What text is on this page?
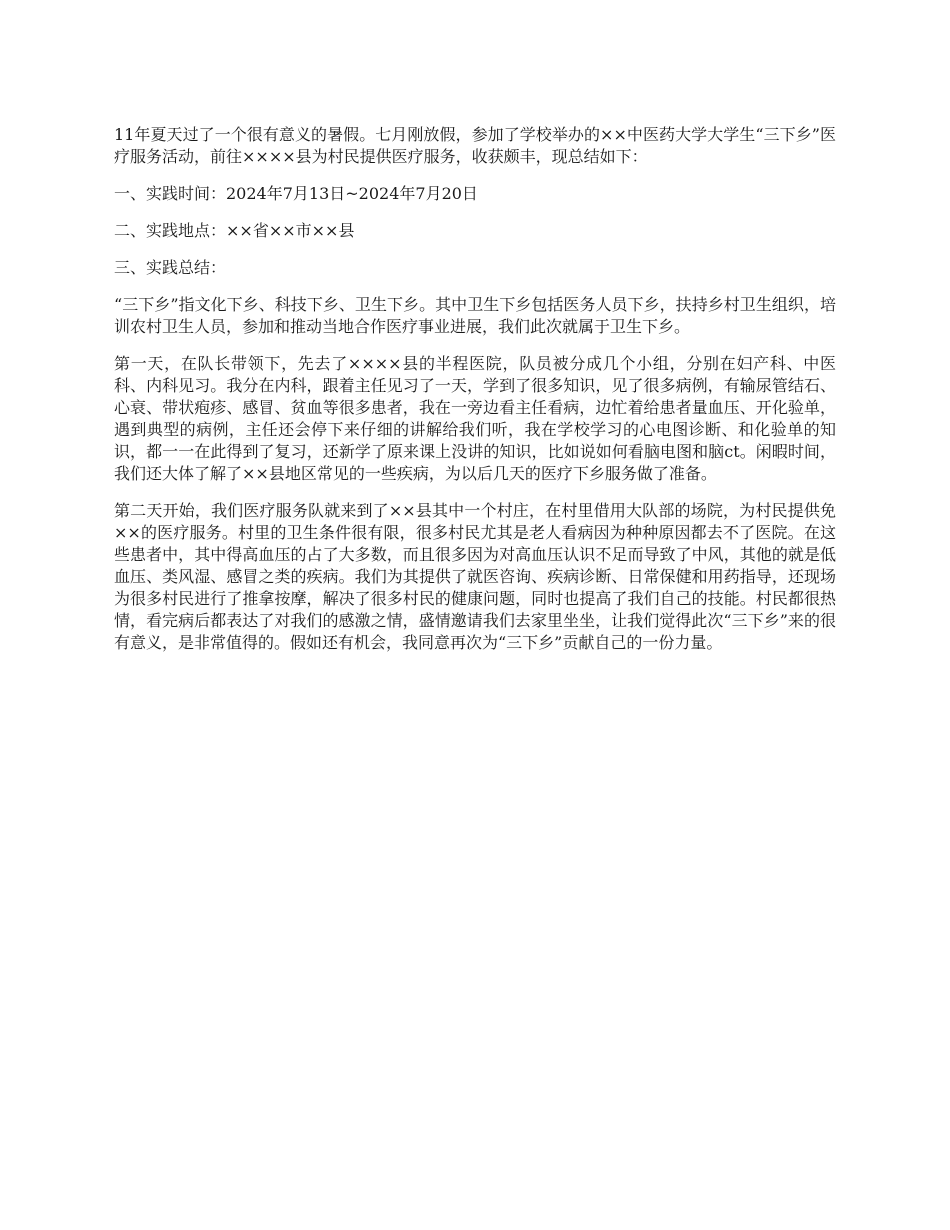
11年夏天过了一个很有意义的暑假。七月刚放假，参加了学校举办的××中医药大学大学生“三下乡”医疗服务活动，前往××××县为村民提供医疗服务，收获颇丰，现总结如下：

一、实践时间：2024年7月13日~2024年7月20日

二、实践地点：××省××市××县

三、实践总结：

“三下乡”指文化下乡、科技下乡、卫生下乡。其中卫生下乡包括医务人员下乡，扶持乡村卫生组织，培训农村卫生人员，参加和推动当地合作医疗事业进展，我们此次就属于卫生下乡。

第一天，在队长带领下，先去了××××县的半程医院，队员被分成几个小组，分别在妇产科、中医科、内科见习。我分在内科，跟着主任见习了一天，学到了很多知识，见了很多病例，有输尿管结石、心衰、带状疱疹、感冒、贫血等很多患者，我在一旁边看主任看病，边忙着给患者量血压、开化验单，遇到典型的病例，主任还会停下来仔细的讲解给我们听，我在学校学习的心电图诊断、和化验单的知识，都一一在此得到了复习，还新学了原来课上没讲的知识，比如说如何看脑电图和脑ct。闲暇时间，我们还大体了解了××县地区常见的一些疾病，为以后几天的医疗下乡服务做了准备。

第二天开始，我们医疗服务队就来到了××县其中一个村庄，在村里借用大队部的场院，为村民提供免××的医疗服务。村里的卫生条件很有限，很多村民尤其是老人看病因为种种原因都去不了医院。在这些患者中，其中得高血压的占了大多数，而且很多因为对高血压认识不足而导致了中风，其他的就是低血压、类风湿、感冒之类的疾病。我们为其提供了就医咨询、疾病诊断、日常保健和用药指导，还现场为很多村民进行了推拿按摩，解决了很多村民的健康问题，同时也提高了我们自己的技能。村民都很热情，看完病后都表达了对我们的感激之情，盛情邀请我们去家里坐坐，让我们觉得此次“三下乡”来的很有意义，是非常值得的。假如还有机会，我同意再次为“三下乡”贡献自己的一份力量。
